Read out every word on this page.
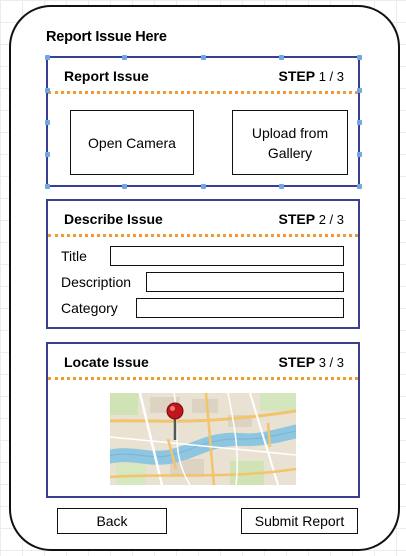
Report Issue Here
Report Issue	STEP 1 / 3
Open Camera
Upload from Gallery
Describe Issue	STEP 2 / 3
Title
Description
Category
Locate Issue	STEP 3 / 3
Back	Submit Report
